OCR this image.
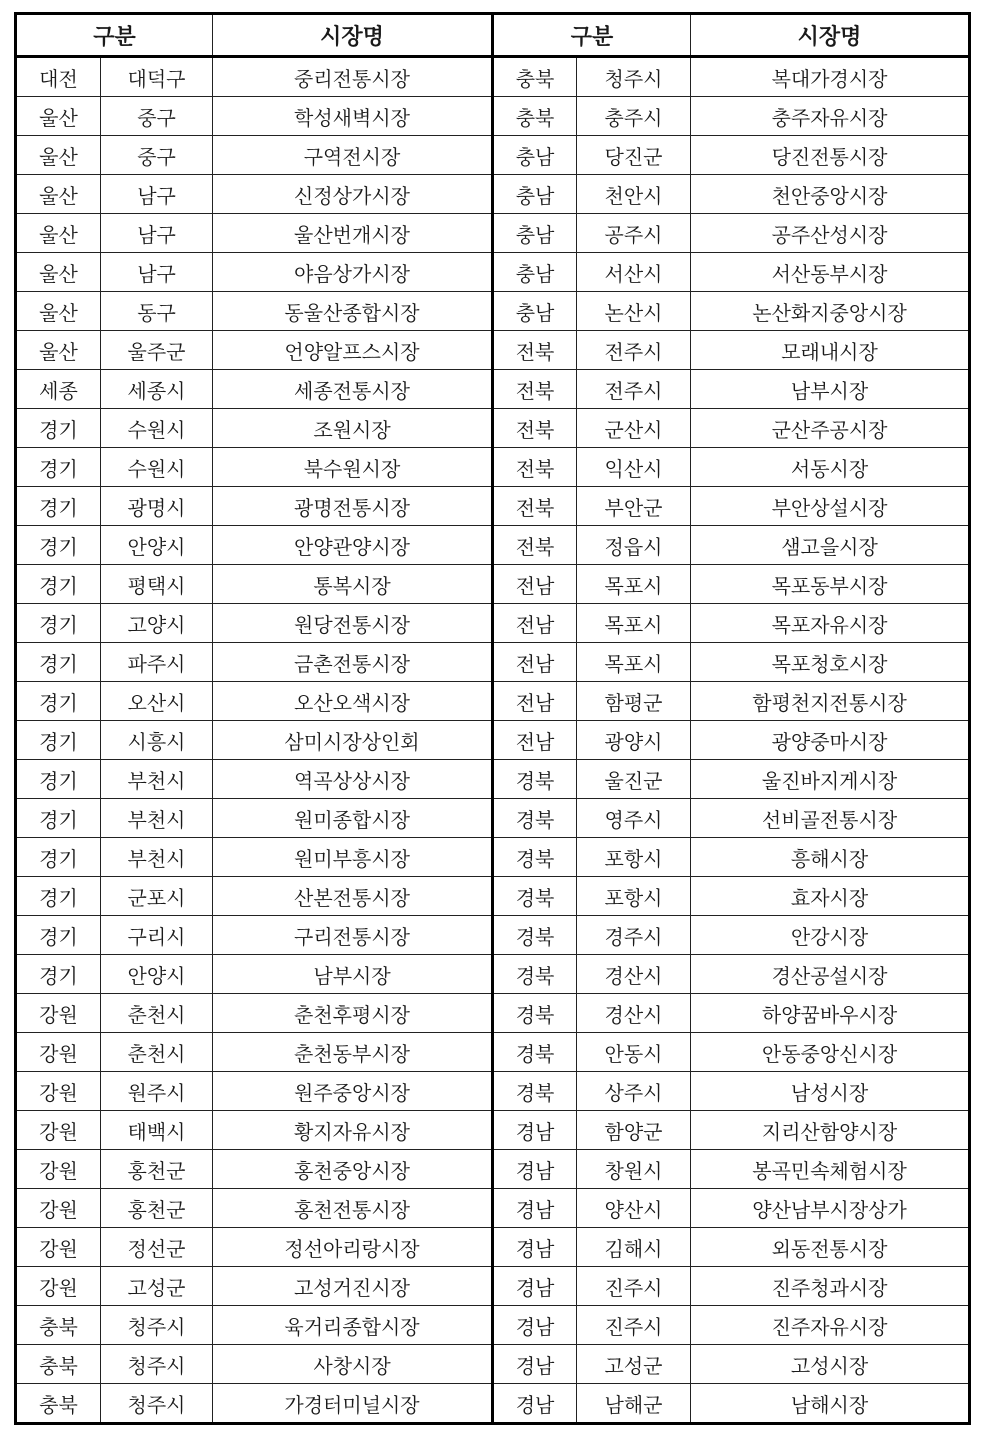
구분		시장명	구분		시장명
대전	대덕구	중리전통시장	충북	청주시	복대가경시장
울산	중구	학성새벽시장	충북	충주시	충주자유시장
울산	중구	구역전시장	충남	당진군	당진전통시장
울산	남구	신정상가시장	충남	천안시	천안중앙시장
울산	남구	울산번개시장	충남	공주시	공주산성시장
울산	남구	야음상가시장	충남	서산시	서산동부시장
울산	동구	동울산종합시장	충남	논산시	논산화지중앙시장
울산	울주군	언양알프스시장	전북	전주시	모래내시장
세종	세종시	세종전통시장	전북	전주시	남부시장
경기	수원시	조원시장	전북	군산시	군산주공시장
경기	수원시	북수원시장	전북	익산시	서동시장
경기	광명시	광명전통시장	전북	부안군	부안상설시장
경기	안양시	안양관양시장	전북	정읍시	샘고을시장
경기	평택시	통복시장	전남	목포시	목포동부시장
경기	고양시	원당전통시장	전남	목포시	목포자유시장
경기	파주시	금촌전통시장	전남	목포시	목포청호시장
경기	오산시	오산오색시장	전남	함평군	함평천지전통시장
경기	시흥시	삼미시장상인회	전남	광양시	광양중마시장
경기	부천시	역곡상상시장	경북	울진군	울진바지게시장
경기	부천시	원미종합시장	경북	영주시	선비골전통시장
경기	부천시	원미부흥시장	경북	포항시	흥해시장
경기	군포시	산본전통시장	경북	포항시	효자시장
경기	구리시	구리전통시장	경북	경주시	안강시장
경기	안양시	남부시장	경북	경산시	경산공설시장
강원	춘천시	춘천후평시장	경북	경산시	하양꿈바우시장
강원	춘천시	춘천동부시장	경북	안동시	안동중앙신시장
강원	원주시	원주중앙시장	경북	상주시	남성시장
강원	태백시	황지자유시장	경남	함양군	지리산함양시장
강원	홍천군	홍천중앙시장	경남	창원시	봉곡민속체험시장
강원	홍천군	홍천전통시장	경남	양산시	양산남부시장상가
강원	정선군	정선아리랑시장	경남	김해시	외동전통시장
강원	고성군	고성거진시장	경남	진주시	진주청과시장
충북	청주시	육거리종합시장	경남	진주시	진주자유시장
충북	청주시	사창시장	경남	고성군	고성시장
충북	청주시	가경터미널시장	경남	남해군	남해시장
